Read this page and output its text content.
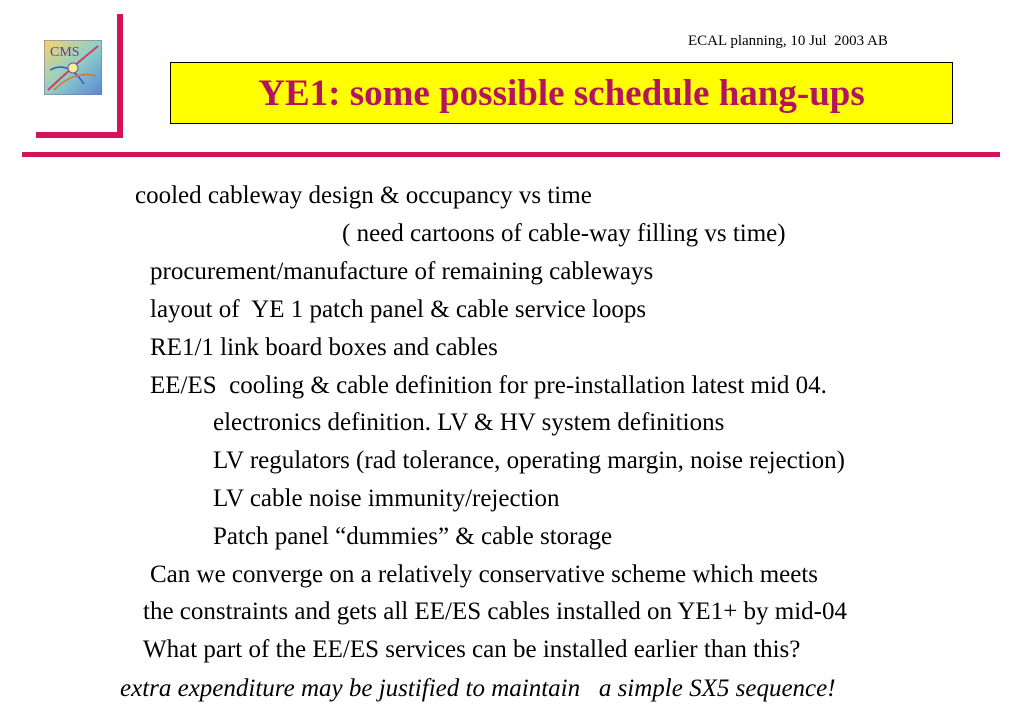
CMS
ECAL planning, 10 Jul  2003 AB
YE1: some possible schedule hang-ups
cooled cableway design & occupancy vs time
( need cartoons of cable-way filling vs time)
procurement/manufacture of remaining cableways
layout of  YE 1 patch panel & cable service loops
RE1/1 link board boxes and cables
EE/ES  cooling & cable definition for pre-installation latest mid 04.
electronics definition. LV & HV system definitions
LV regulators (rad tolerance, operating margin, noise rejection)
LV cable noise immunity/rejection
Patch panel “dummies” & cable storage
Can we converge on a relatively conservative scheme which meets
the constraints and gets all EE/ES cables installed on YE1+ by mid-04
What part of the EE/ES services can be installed earlier than this?
extra expenditure may be justified to maintain   a simple SX5 sequence!
